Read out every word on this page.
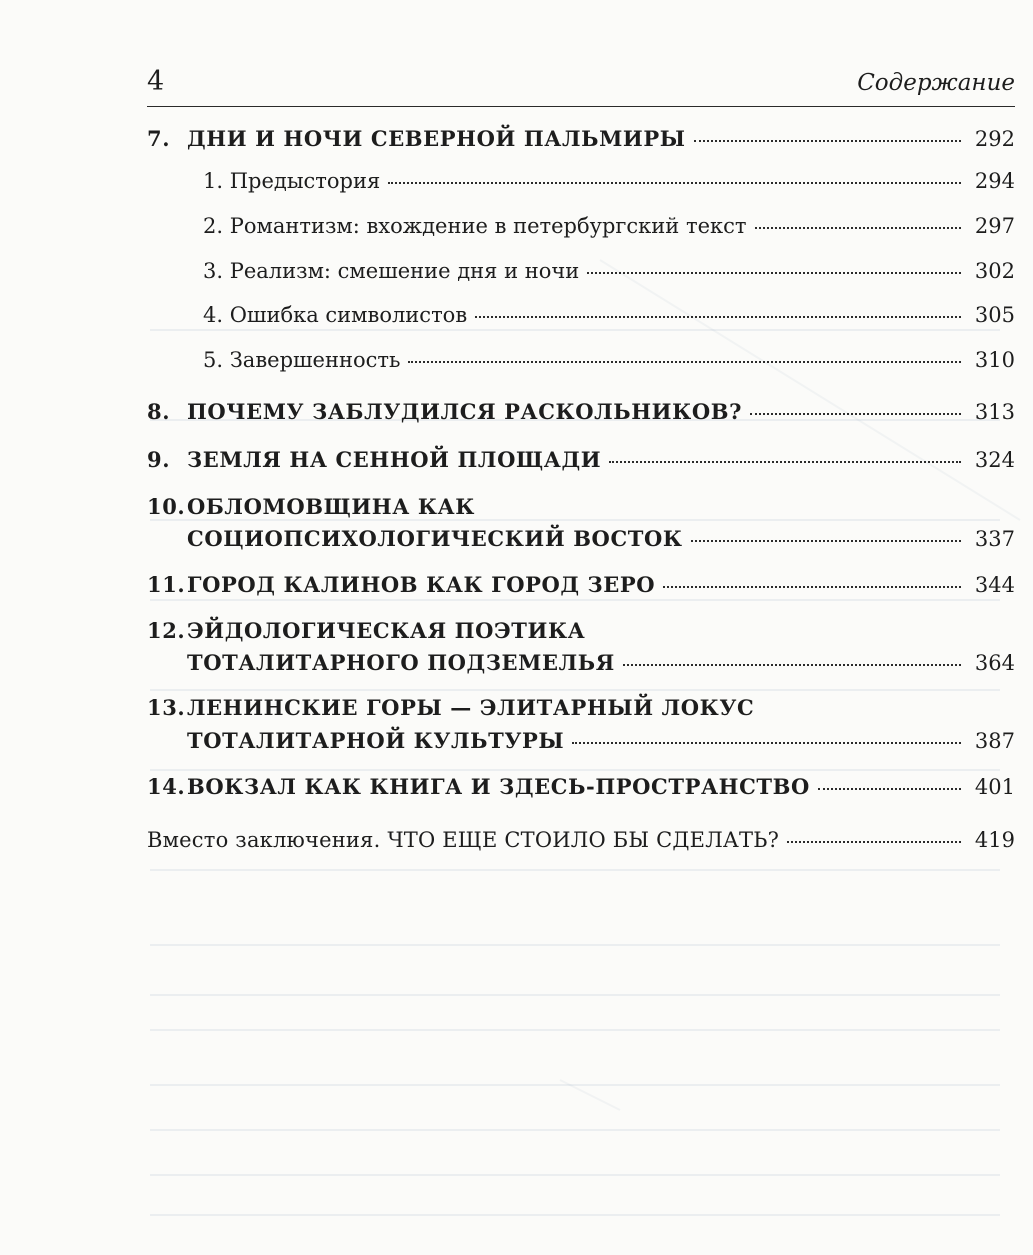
4	Содержание
7. ДНИ И НОЧИ СЕВЕРНОЙ ПАЛЬМИРЫ	292
1. Предыстория	294
2. Романтизм: вхождение в петербургский текст	297
3. Реализм: смешение дня и ночи	302
4. Ошибка символистов	305
5. Завершенность	310
8. ПОЧЕМУ ЗАБЛУДИЛСЯ РАСКОЛЬНИКОВ?	313
9. ЗЕМЛЯ НА СЕННОЙ ПЛОЩАДИ	324
10. ОБЛОМОВЩИНА КАК
СОЦИОПСИХОЛОГИЧЕСКИЙ ВОСТОК	337
11. ГОРОД КАЛИНОВ КАК ГОРОД ЗЕРО	344
12. ЭЙДОЛОГИЧЕСКАЯ ПОЭТИКА
ТОТАЛИТАРНОГО ПОДЗЕМЕЛЬЯ	364
13. ЛЕНИНСКИЕ ГОРЫ — ЭЛИТАРНЫЙ ЛОКУС
ТОТАЛИТАРНОЙ КУЛЬТУРЫ	387
14. ВОКЗАЛ КАК КНИГА И ЗДЕСЬ-ПРОСТРАНСТВО	401
Вместо заключения. ЧТО ЕЩЕ СТОИЛО БЫ СДЕЛАТЬ?	419
